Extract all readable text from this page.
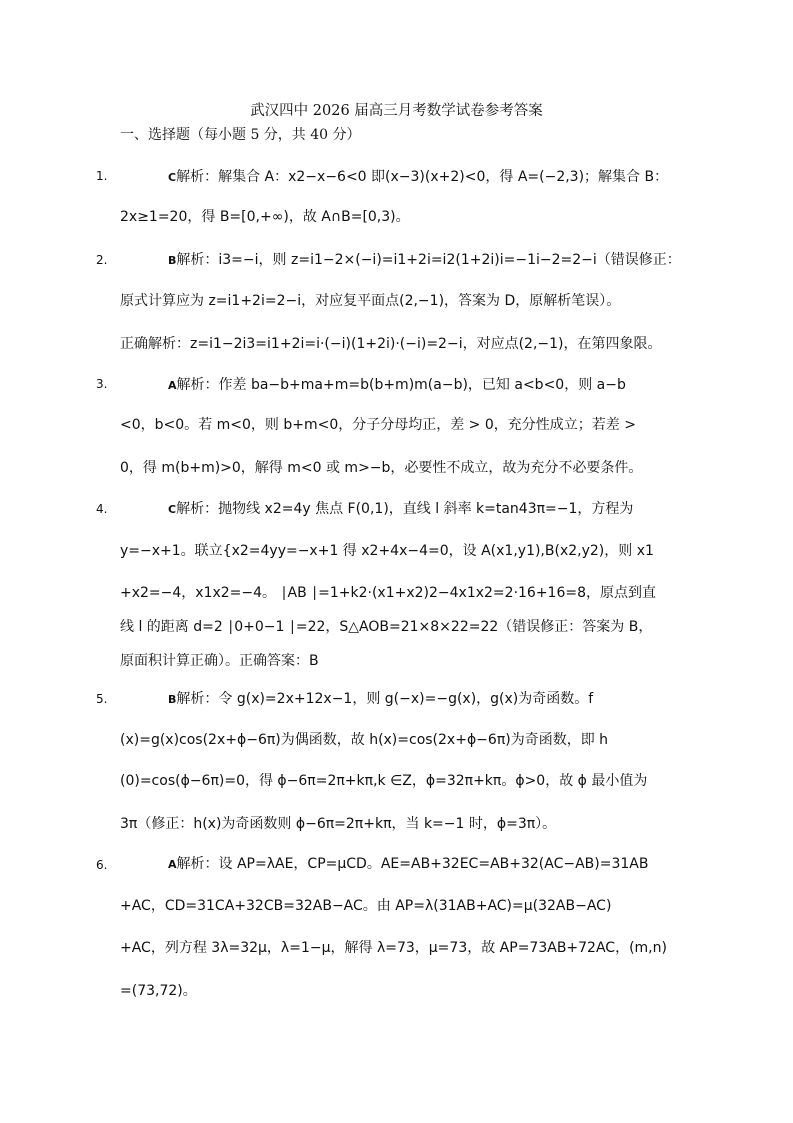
武汉四中 2026 届高三月考数学试卷参考答案
一、选择题（每小题 5 分，共 40 分）
1.	C解析：解集合 A：x2−x−6<0 即(x−3)(x+2)<0，得 A=(−2,3)；解集合 B：
2x≥1=20，得 B=[0,+∞)，故 A∩B=[0,3)。
2.	B解析：i3=−i，则 z=i1−2×(−i)=i1+2i=i2(1+2i)i=−1i−2=2−i（错误修正：
原式计算应为 z=i1+2i=2−i，对应复平面点(2,−1)，答案为 D，原解析笔误）。
正确解析：z=i1−2i3=i1+2i=i·(−i)(1+2i)·(−i)=2−i，对应点(2,−1)，在第四象限。
3.	A解析：作差 ba−b+ma+m=b(b+m)m(a−b)，已知 a<b<0，则 a−b
<0，b<0。若 m<0，则 b+m<0，分子分母均正，差 > 0，充分性成立；若差 >
0，得 m(b+m)>0，解得 m<0 或 m>−b，必要性不成立，故为充分不必要条件。
4.	C解析：抛物线 x2=4y 焦点 F(0,1)，直线 l 斜率 k=tan43π=−1，方程为
y=−x+1。联立{x2=4yy=−x+1 得 x2+4x−4=0，设 A(x1,y1),B(x2,y2)，则 x1
+x2=−4，x1x2=−4。 ∣AB ∣=1+k2·(x1+x2)2−4x1x2=2·16+16=8，原点到直
线 l 的距离 d=2 ∣0+0−1 ∣=22，S△AOB=21×8×22=22（错误修正：答案为 B，
原面积计算正确）。正确答案：B
5.	B解析：令 g(x)=2x+12x−1，则 g(−x)=−g(x)，g(x)为奇函数。f
(x)=g(x)cos(2x+ϕ−6π)为偶函数，故 h(x)=cos(2x+ϕ−6π)为奇函数，即 h
(0)=cos(ϕ−6π)=0，得 ϕ−6π=2π+kπ,k ∈Z，ϕ=32π+kπ。ϕ>0，故 ϕ 最小值为
3π（修正：h(x)为奇函数则 ϕ−6π=2π+kπ，当 k=−1 时，ϕ=3π）。
6.	A解析：设 AP=λAE，CP=μCD。AE=AB+32EC=AB+32(AC−AB)=31AB
+AC，CD=31CA+32CB=32AB−AC。由 AP=λ(31AB+AC)=μ(32AB−AC)
+AC，列方程 3λ=32μ，λ=1−μ，解得 λ=73，μ=73，故 AP=73AB+72AC，(m,n)
=(73,72)。
